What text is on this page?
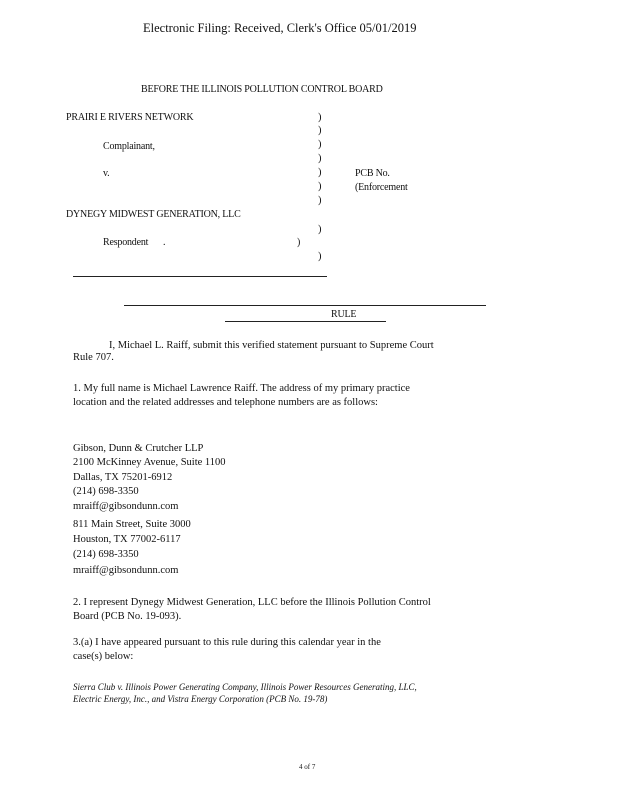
Electronic Filing: Received, Clerk's Office 05/01/2019
BEFORE THE ILLINOIS POLLUTION CONTROL BOARD
PRAIRI E RIVERS NETWORK
Complainant,
v.
DYNEGY MIDWEST GENERATION, LLC
Respondent .	)
)
)
)
)
)
)
)
)
)
PCB No.
(Enforcement
RULE
I, Michael L. Raiff, submit this verified statement pursuant to Supreme Court
Rule 707.
1. My full name is Michael Lawrence Raiff. The address of my primary practice
location and the related addresses and telephone numbers are as follows:
Gibson, Dunn & Crutcher LLP
2100 McKinney Avenue, Suite 1100
Dallas, TX 75201-6912
(214) 698-3350
mraiff@gibsondunn.com
811 Main Street, Suite 3000
Houston, TX 77002-6117
(214) 698-3350
mraiff@gibsondunn.com
2. I represent Dynegy Midwest Generation, LLC before the Illinois Pollution Control
Board (PCB No. 19-093).
3.(a) I have appeared pursuant to this rule during this calendar year in the
case(s) below:
Sierra Club v. Illinois Power Generating Company, Illinois Power Resources Generating, LLC,
Electric Energy, Inc., and Vistra Energy Corporation (PCB No. 19-78)
4 of 7
